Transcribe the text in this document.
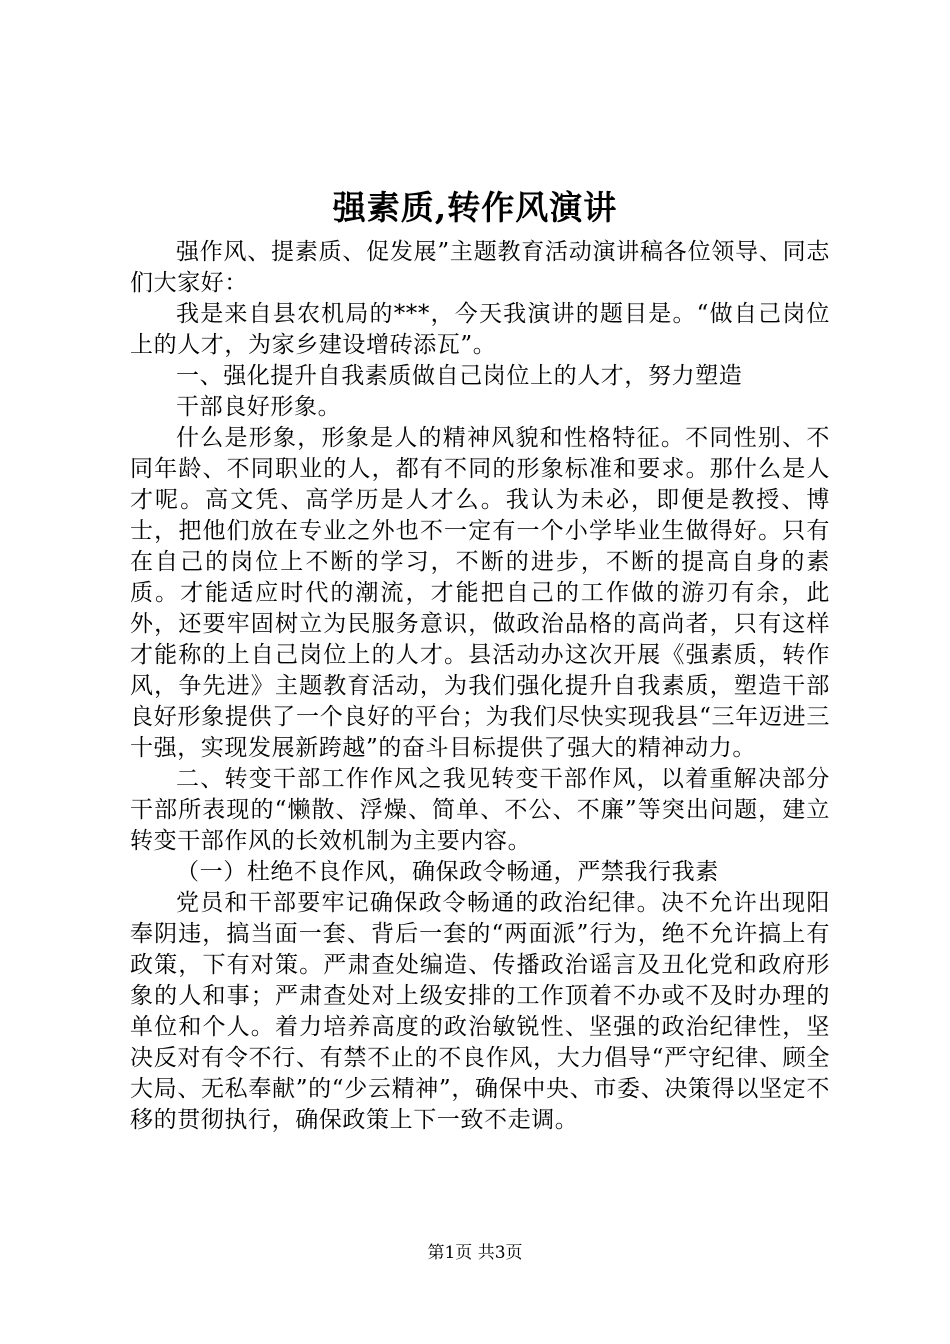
强素质,转作风演讲

强作风、提素质、促发展”主题教育活动演讲稿各位领导、同志们大家好：

我是来自县农机局的***，今天我演讲的题目是。“做自己岗位上的人才，为家乡建设增砖添瓦”。

一、强化提升自我素质做自己岗位上的人才，努力塑造

干部良好形象。

什么是形象，形象是人的精神风貌和性格特征。不同性别、不同年龄、不同职业的人，都有不同的形象标准和要求。那什么是人才呢。高文凭、高学历是人才么。我认为未必，即便是教授、博士，把他们放在专业之外也不一定有一个小学毕业生做得好。只有在自己的岗位上不断的学习，不断的进步，不断的提高自身的素质。才能适应时代的潮流，才能把自己的工作做的游刃有余，此外，还要牢固树立为民服务意识，做政治品格的高尚者，只有这样才能称的上自己岗位上的人才。县活动办这次开展《强素质，转作风，争先进》主题教育活动，为我们强化提升自我素质，塑造干部良好形象提供了一个良好的平台；为我们尽快实现我县“三年迈进三十强，实现发展新跨越”的奋斗目标提供了强大的精神动力。

二、转变干部工作作风之我见转变干部作风，以着重解决部分干部所表现的“懒散、浮燥、简单、不公、不廉”等突出问题，建立转变干部作风的长效机制为主要内容。

（一）杜绝不良作风，确保政令畅通，严禁我行我素

党员和干部要牢记确保政令畅通的政治纪律。决不允许出现阳奉阴违，搞当面一套、背后一套的“两面派”行为，绝不允许搞上有政策，下有对策。严肃查处编造、传播政治谣言及丑化党和政府形象的人和事；严肃查处对上级安排的工作顶着不办或不及时办理的单位和个人。着力培养高度的政治敏锐性、坚强的政治纪律性，坚决反对有令不行、有禁不止的不良作风，大力倡导“严守纪律、顾全大局、无私奉献”的“少云精神”，确保中央、市委、决策得以坚定不移的贯彻执行，确保政策上下一致不走调。

第1页 共3页
